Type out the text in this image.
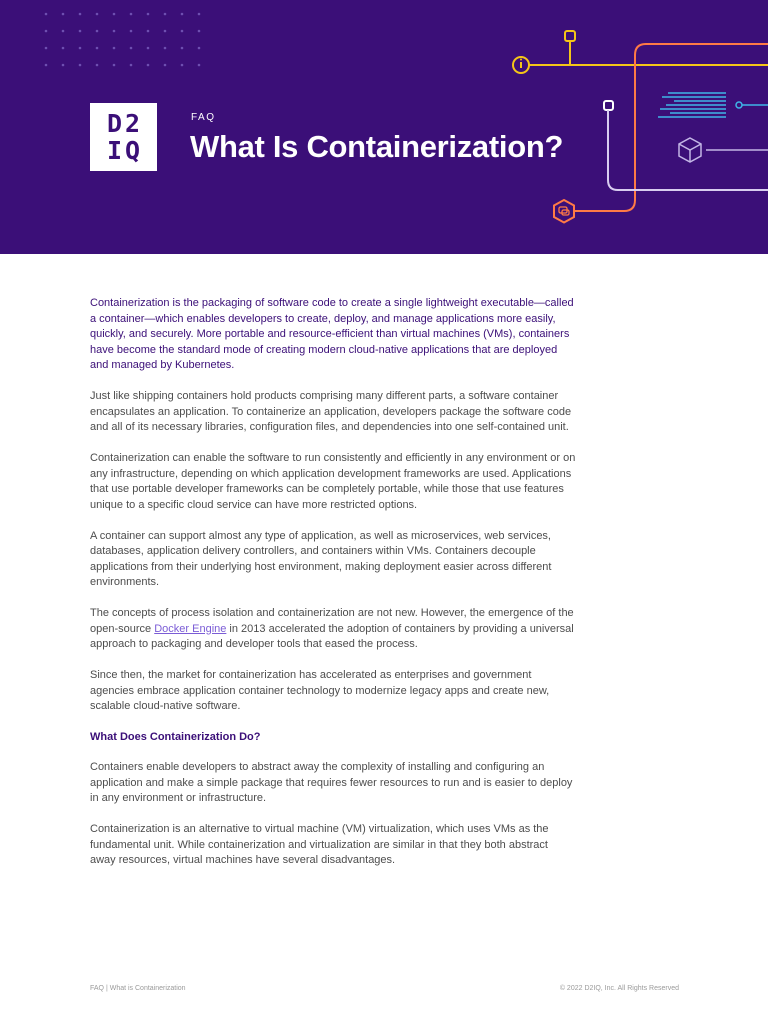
D2
IQ
FAQ
What Is Containerization?

Containerization is the packaging of software code to create a single lightweight executable—called a container—which enables developers to create, deploy, and manage applications more easily, quickly, and securely. More portable and resource-efficient than virtual machines (VMs), containers have become the standard mode of creating modern cloud-native applications that are deployed and managed by Kubernetes.

Just like shipping containers hold products comprising many different parts, a software container encapsulates an application. To containerize an application, developers package the software code and all of its necessary libraries, configuration files, and dependencies into one self-contained unit.

Containerization can enable the software to run consistently and efficiently in any environment or on any infrastructure, depending on which application development frameworks are used. Applications that use portable developer frameworks can be completely portable, while those that use features unique to a specific cloud service can have more restricted options.

A container can support almost any type of application, as well as microservices, web services, databases, application delivery controllers, and containers within VMs. Containers decouple applications from their underlying host environment, making deployment easier across different environments.

The concepts of process isolation and containerization are not new. However, the emergence of the open-source Docker Engine in 2013 accelerated the adoption of containers by providing a universal approach to packaging and developer tools that eased the process.

Since then, the market for containerization has accelerated as enterprises and government agencies embrace application container technology to modernize legacy apps and create new, scalable cloud-native software.

What Does Containerization Do?

Containers enable developers to abstract away the complexity of installing and configuring an application and make a simple package that requires fewer resources to run and is easier to deploy in any environment or infrastructure.

Containerization is an alternative to virtual machine (VM) virtualization, which uses VMs as the fundamental unit. While containerization and virtualization are similar in that they both abstract away resources, virtual machines have several disadvantages.

FAQ | What is Containerization	© 2022 D2IQ, Inc. All Rights Reserved
